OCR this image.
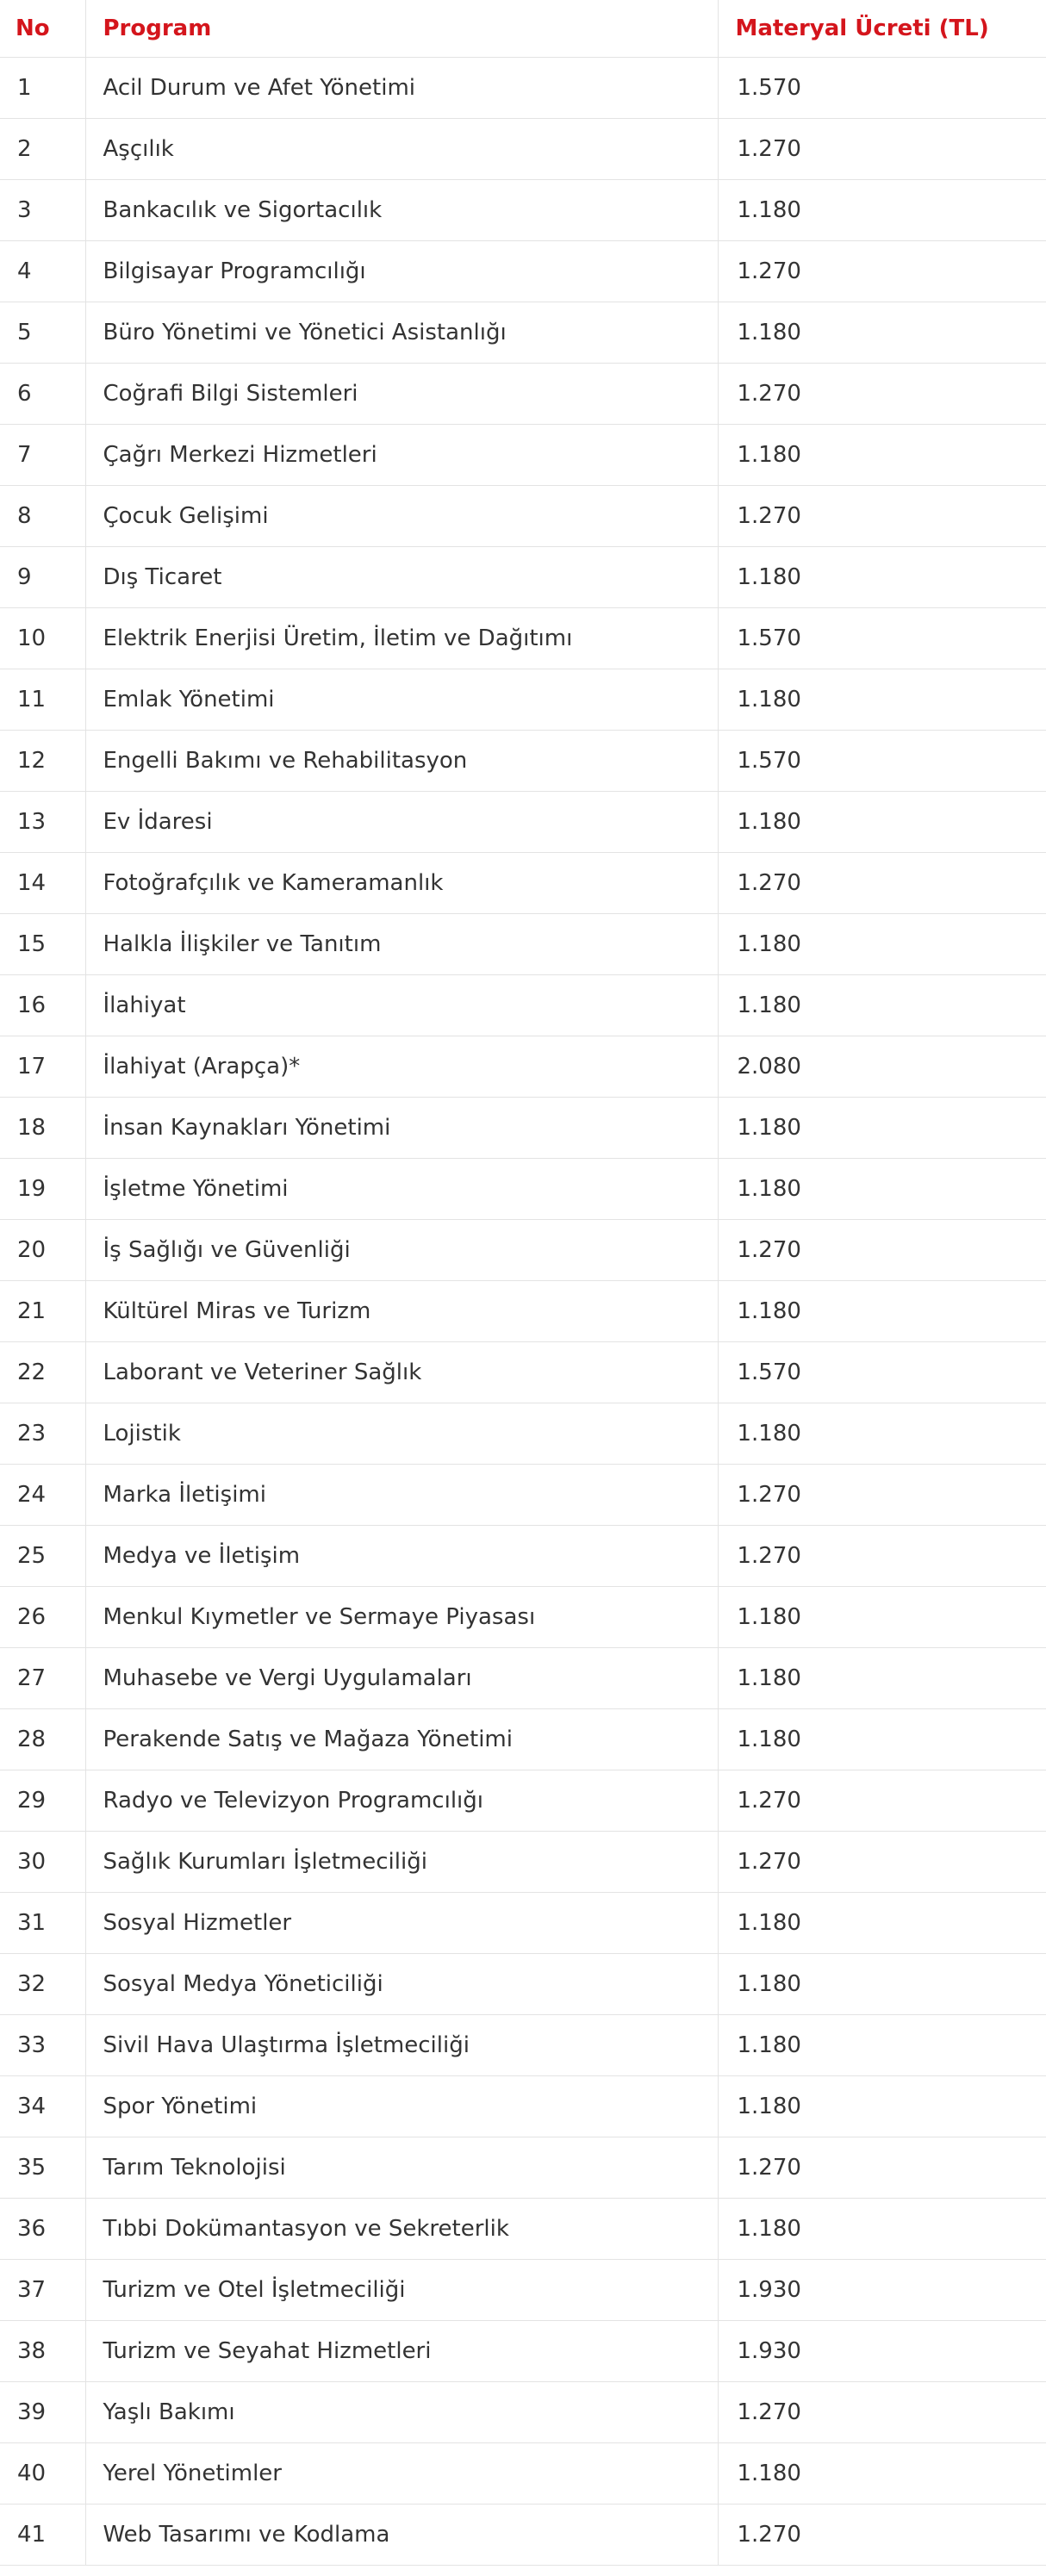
No	Program	Materyal Ücreti (TL)
1	Acil Durum ve Afet Yönetimi	1.570
2	Aşçılık	1.270
3	Bankacılık ve Sigortacılık	1.180
4	Bilgisayar Programcılığı	1.270
5	Büro Yönetimi ve Yönetici Asistanlığı	1.180
6	Coğrafi Bilgi Sistemleri	1.270
7	Çağrı Merkezi Hizmetleri	1.180
8	Çocuk Gelişimi	1.270
9	Dış Ticaret	1.180
10	Elektrik Enerjisi Üretim, İletim ve Dağıtımı	1.570
11	Emlak Yönetimi	1.180
12	Engelli Bakımı ve Rehabilitasyon	1.570
13	Ev İdaresi	1.180
14	Fotoğrafçılık ve Kameramanlık	1.270
15	Halkla İlişkiler ve Tanıtım	1.180
16	İlahiyat	1.180
17	İlahiyat (Arapça)*	2.080
18	İnsan Kaynakları Yönetimi	1.180
19	İşletme Yönetimi	1.180
20	İş Sağlığı ve Güvenliği	1.270
21	Kültürel Miras ve Turizm	1.180
22	Laborant ve Veteriner Sağlık	1.570
23	Lojistik	1.180
24	Marka İletişimi	1.270
25	Medya ve İletişim	1.270
26	Menkul Kıymetler ve Sermaye Piyasası	1.180
27	Muhasebe ve Vergi Uygulamaları	1.180
28	Perakende Satış ve Mağaza Yönetimi	1.180
29	Radyo ve Televizyon Programcılığı	1.270
30	Sağlık Kurumları İşletmeciliği	1.270
31	Sosyal Hizmetler	1.180
32	Sosyal Medya Yöneticiliği	1.180
33	Sivil Hava Ulaştırma İşletmeciliği	1.180
34	Spor Yönetimi	1.180
35	Tarım Teknolojisi	1.270
36	Tıbbi Dokümantasyon ve Sekreterlik	1.180
37	Turizm ve Otel İşletmeciliği	1.930
38	Turizm ve Seyahat Hizmetleri	1.930
39	Yaşlı Bakımı	1.270
40	Yerel Yönetimler	1.180
41	Web Tasarımı ve Kodlama	1.270
